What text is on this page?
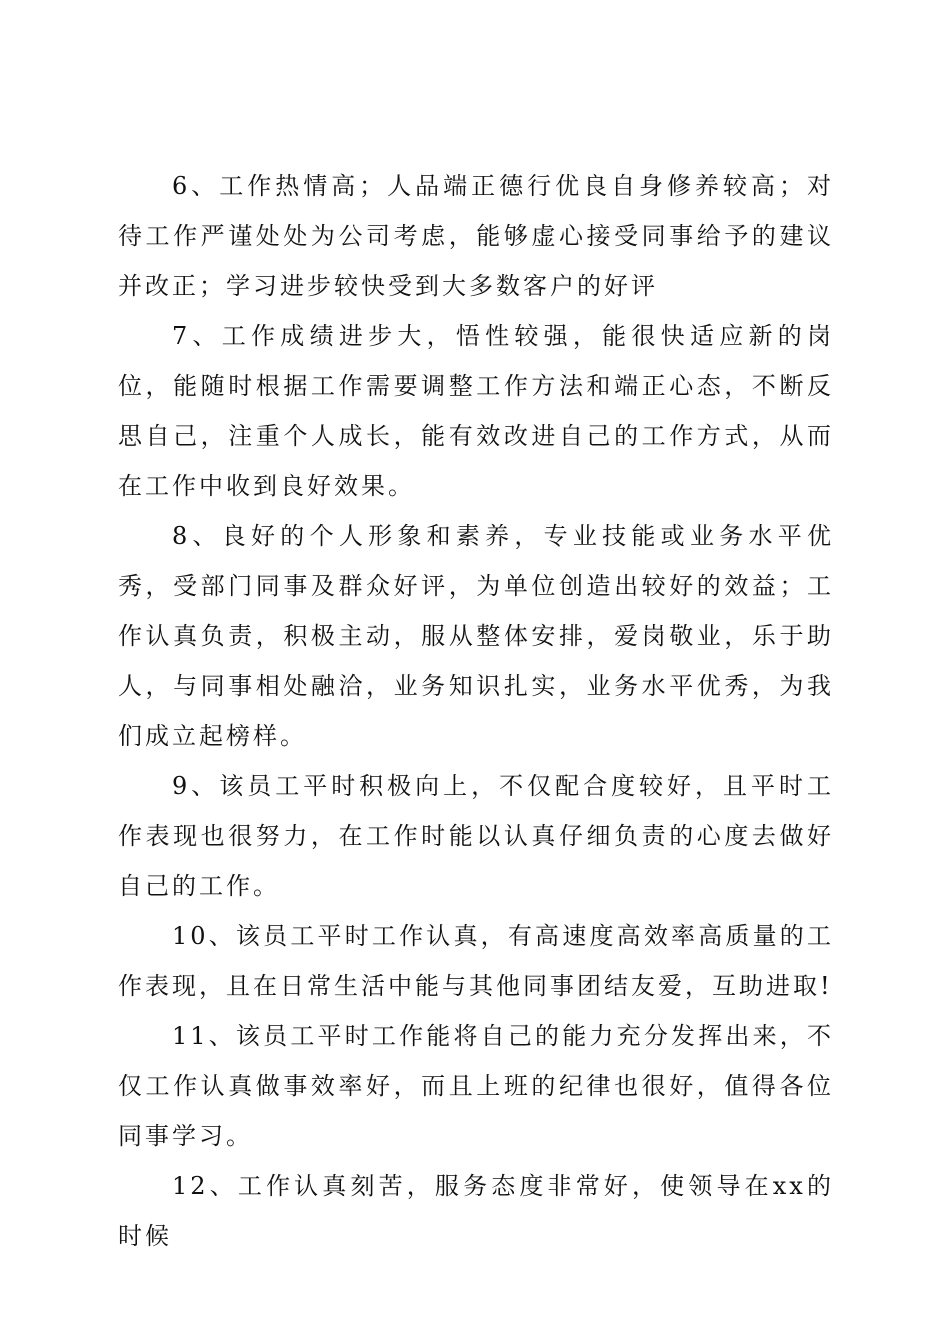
6、工作热情高；人品端正德行优良自身修养较高；对待工作严谨处处为公司考虑，能够虚心接受同事给予的建议并改正；学习进步较快受到大多数客户的好评

7、工作成绩进步大，悟性较强，能很快适应新的岗位，能随时根据工作需要调整工作方法和端正心态，不断反思自己，注重个人成长，能有效改进自己的工作方式，从而在工作中收到良好效果。

8、良好的个人形象和素养，专业技能或业务水平优秀，受部门同事及群众好评，为单位创造出较好的效益；工作认真负责，积极主动，服从整体安排，爱岗敬业，乐于助人，与同事相处融洽，业务知识扎实，业务水平优秀，为我们成立起榜样。

9、该员工平时积极向上，不仅配合度较好，且平时工作表现也很努力，在工作时能以认真仔细负责的心度去做好自己的工作。

10、该员工平时工作认真，有高速度高效率高质量的工作表现，且在日常生活中能与其他同事团结友爱，互助进取!

11、该员工平时工作能将自己的能力充分发挥出来，不仅工作认真做事效率好，而且上班的纪律也很好，值得各位同事学习。

12、工作认真刻苦，服务态度非常好，使领导在xx的时候
